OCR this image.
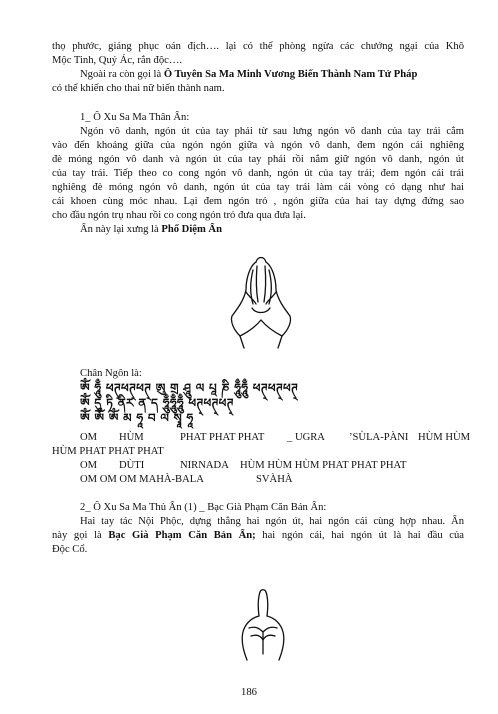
thọ phước, giáng phục oán địch…. lại có thể phòng ngừa các chướng ngại của Khô
Mộc Tinh, Quỷ Ác, rắn độc….
Ngoài ra còn gọi là Ô Tuyên Sa Ma Minh Vương Biến Thành Nam Tử Pháp
có thể khiến cho thai nữ biến thành nam.
1_ Ô Xu Sa Ma Thân Ấn:
Ngón vô danh, ngón út của tay phải từ sau lưng ngón vô danh của tay trái cắm
vào đến khoảng giữa của ngón ngón giữa và ngón vô danh, đem ngón cái nghiêng
đè móng ngón vô danh và ngón út của tay phải rồi nắm giữ ngón vô danh, ngón út
của tay trái. Tiếp theo co cong ngón vô danh, ngón út của tay trái; đem ngón cái trái
nghiêng đè móng ngón vô danh, ngón út của tay trái làm cái vòng có dạng như hai
cái khoen cùng móc nhau. Lại đem ngón trỏ , ngón giữa của hai tay dựng đứng sao
cho đầu ngón trụ nhau rồi co cong ngón trỏ đưa qua đưa lại.
Ấn này lại xưng là Phổ Diệm Ấn
Chân Ngôn là:
ༀ ཧཱུྃ ཕཊ྄ཕཊ྄ཕཊ྄ ཨུ གྲ ཤཱུ ལ པཱ ཎི ཧཱུྃཧཱུྃ ཕཊ྄ཕཊ྄ཕཊ྄
ༀ དུ ཏི ནིར ན ད ཧཱུྃཧཱུྃཧཱུྃ ཕཊ྄ཕཊ྄ཕཊ྄
ༀ ༀ ༀ མ ཧཱ བ ལ སྭཱ ཧཱ
OM HÙM	PHAT PHAT PHAT _ UGRA ’SÙLA-PÀNI HÙM HÙM
HÙM PHAT PHAT PHAT
OM DÙTI	NIRNADA HÙM HÙM HÙM PHAT PHAT PHAT
OM OM OM MAHÀ-BALA	SVÀHÀ
2_ Ô Xu Sa Ma Thủ Ấn (1) _ Bạc Già Phạm Căn Bản Ấn:
Hai tay tác Nội Phộc, dựng thẳng hai ngón út, hai ngón cái cùng hợp nhau. Ấn
này gọi là Bạc Già Phạm Căn Bản Ấn; hai ngón cái, hai ngón út là hai đầu của
Độc Cổ.
186
